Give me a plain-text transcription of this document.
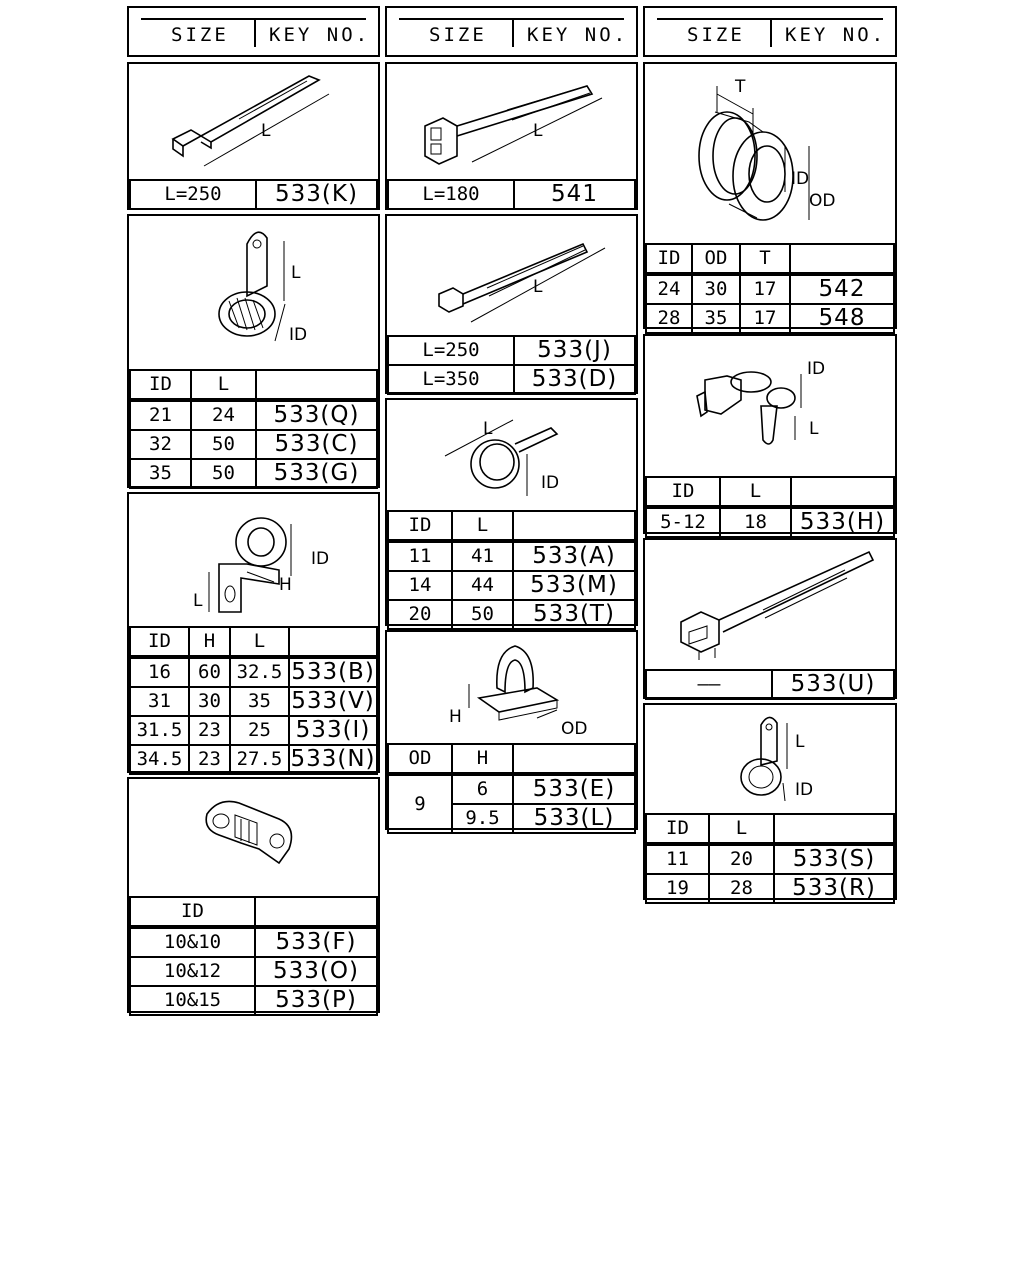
SIZE KEY NO.	SIZE KEY NO.	SIZE KEY NO.
L
L=250	533(K)
L
ID
ID	L	
21	24	533(Q)
32	50	533(C)
35	50	533(G)
ID
H
L
ID	H	L	
16	60	32.5	533(B)
31	30	35	533(V)
31.5	23	25	533(I)
34.5	23	27.5	533(N)
ID	
10&10	533(F)
10&12	533(O)
10&15	533(P)
L
L=180	541
L
L=250	533(J)
L=350	533(D)
L
ID
ID	L	
11	41	533(A)
14	44	533(M)
20	50	533(T)
H
OD
OD	H	
9	6	533(E)
	9.5	533(L)
T
ID
OD
ID	OD	T	
24	30	17	542
28	35	17	548
ID
L
ID	L	
5-12	18	533(H)
——	533(U)
L
ID
ID	L	
11	20	533(S)
19	28	533(R)
